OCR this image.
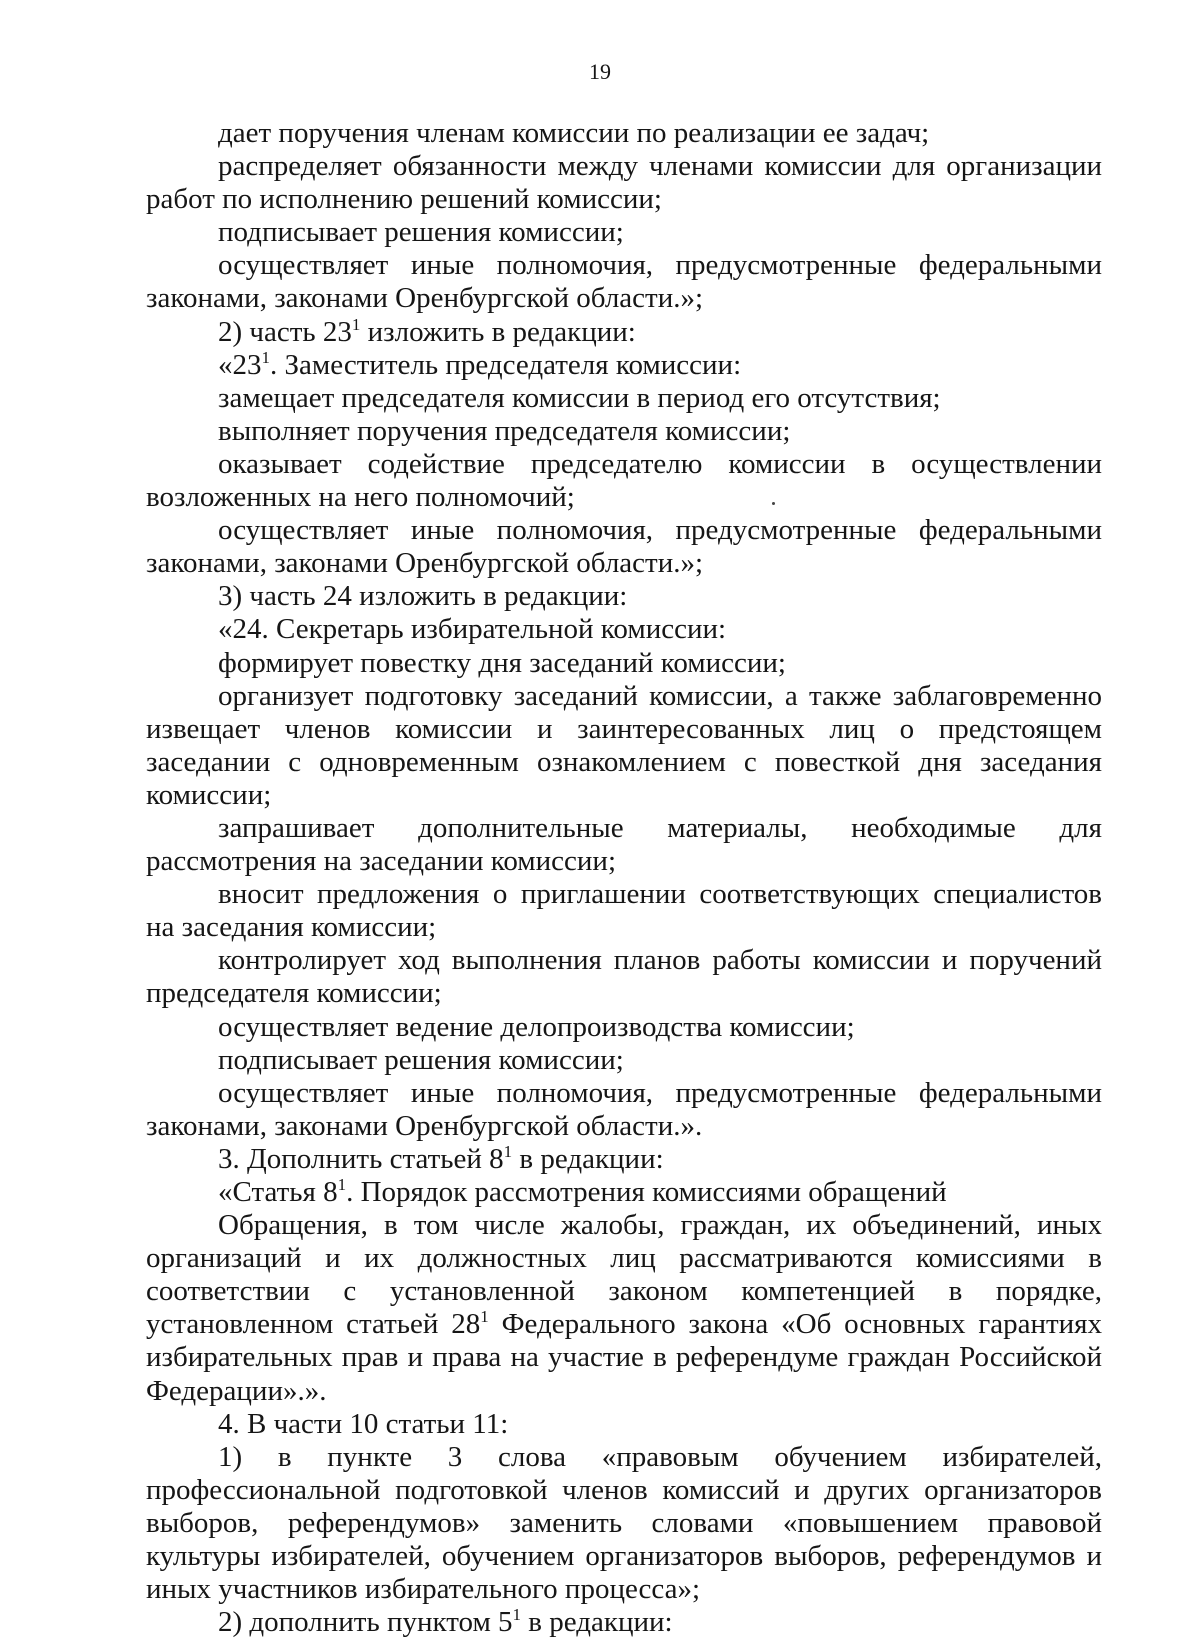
19

дает поручения членам комиссии по реализации ее задач;

распределяет обязанности между членами комиссии для организации работ по исполнению решений комиссии;

подписывает решения комиссии;

осуществляет иные полномочия, предусмотренные федеральными законами, законами Оренбургской области.»;

2) часть $23^1$ изложить в редакции:

«$23^1$. Заместитель председателя комиссии:

замещает председателя комиссии в период его отсутствия;

выполняет поручения председателя комиссии;

оказывает содействие председателю комиссии в осуществлении возложенных на него полномочий;

осуществляет иные полномочия, предусмотренные федеральными законами, законами Оренбургской области.»;

3) часть 24 изложить в редакции:

«24. Секретарь избирательной комиссии:

формирует повестку дня заседаний комиссии;

организует подготовку заседаний комиссии, а также заблаговременно извещает членов комиссии и заинтересованных лиц о предстоящем заседании с одновременным ознакомлением с повесткой дня заседания комиссии;

запрашивает дополнительные материалы, необходимые для рассмотрения на заседании комиссии;

вносит предложения о приглашении соответствующих специалистов на заседания комиссии;

контролирует ход выполнения планов работы комиссии и поручений председателя комиссии;

осуществляет ведение делопроизводства комиссии;

подписывает решения комиссии;

осуществляет иные полномочия, предусмотренные федеральными законами, законами Оренбургской области.».

3. Дополнить статьей $8^1$ в редакции:

«Статья $8^1$. Порядок рассмотрения комиссиями обращений

Обращения, в том числе жалобы, граждан, их объединений, иных организаций и их должностных лиц рассматриваются комиссиями в соответствии с установленной законом компетенцией в порядке, установленном статьей $28^1$ Федерального закона «Об основных гарантиях избирательных прав и права на участие в референдуме граждан Российской Федерации».».

4. В части 10 статьи 11:

1) в пункте 3 слова «правовым обучением избирателей, профессиональной подготовкой членов комиссий и других организаторов выборов, референдумов» заменить словами «повышением правовой культуры избирателей, обучением организаторов выборов, референдумов и иных участников избирательного процесса»;

2) дополнить пунктом $5^1$ в редакции:
